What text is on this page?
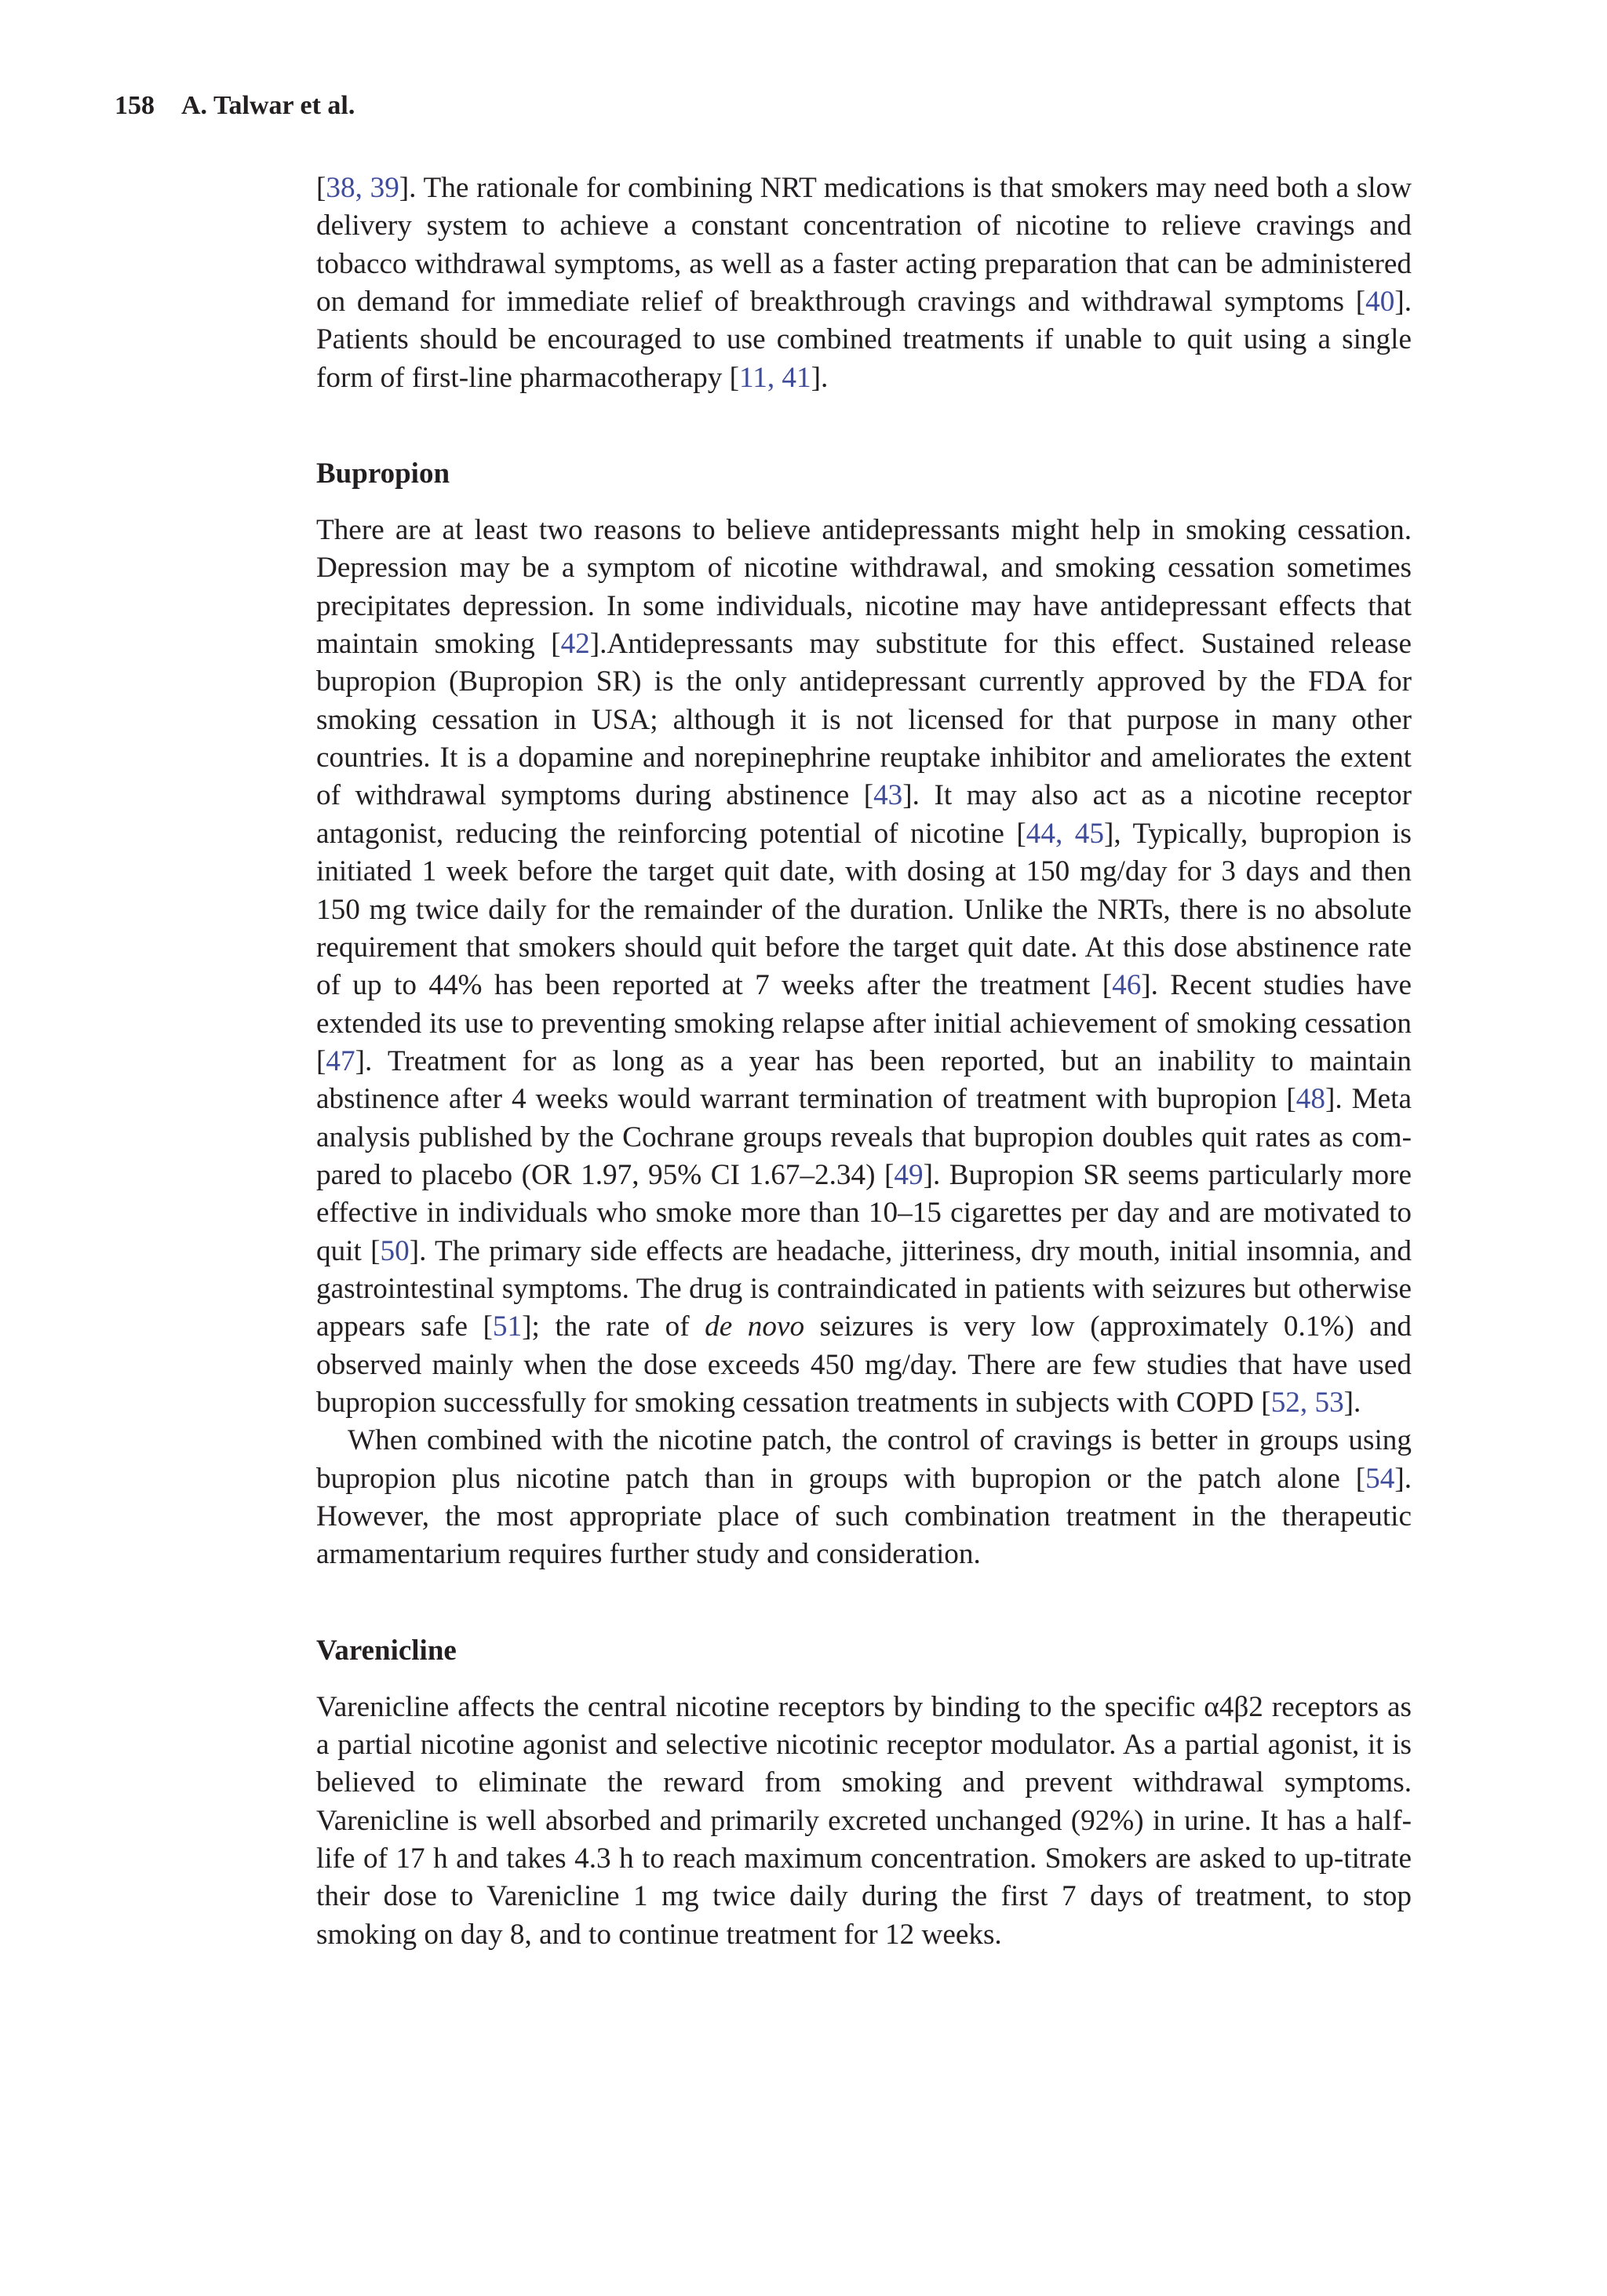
158 A. Talwar et al.

[38, 39]. The rationale for combining NRT medications is that smokers may need both a slow delivery system to achieve a constant concentration of nicotine to relieve cravings and tobacco withdrawal symptoms, as well as a faster acting preparation that can be administered on demand for immediate relief of breakthrough cravings and withdrawal symptoms [40]. Patients should be encouraged to use combined treatments if unable to quit using a single form of first-line pharmacotherapy [11, 41].

Bupropion

There are at least two reasons to believe antidepressants might help in smoking cessation. Depression may be a symptom of nicotine withdrawal, and smoking cessation sometimes precipitates depression. In some individuals, nicotine may have antidepressant effects that maintain smoking [42].Antidepressants may substitute for this effect. Sustained release bupropion (Bupropion SR) is the only antidepressant currently approved by the FDA for smoking cessation in USA; although it is not licensed for that purpose in many other countries. It is a dopamine and norepinephrine reuptake inhibitor and ameliorates the extent of withdrawal symptoms during abstinence [43]. It may also act as a nicotine receptor antagonist, reducing the reinforcing potential of nicotine [44, 45], Typically, bupropion is initiated 1 week before the target quit date, with dosing at 150 mg/day for 3 days and then 150 mg twice daily for the remainder of the duration. Unlike the NRTs, there is no absolute requirement that smokers should quit before the target quit date. At this dose abstinence rate of up to 44% has been reported at 7 weeks after the treatment [46]. Recent studies have extended its use to preventing smoking relapse after initial achievement of smoking cessation [47]. Treatment for as long as a year has been reported, but an inability to maintain abstinence after 4 weeks would warrant termination of treatment with bupropion [48]. Meta analysis published by the Cochrane groups reveals that bupropion doubles quit rates as compared to placebo (OR 1.97, 95% CI 1.67–2.34) [49]. Bupropion SR seems particularly more effective in individuals who smoke more than 10–15 cigarettes per day and are motivated to quit [50]. The primary side effects are headache, jitteriness, dry mouth, initial insomnia, and gastrointestinal symptoms. The drug is contraindicated in patients with seizures but otherwise appears safe [51]; the rate of de novo seizures is very low (approximately 0.1%) and observed mainly when the dose exceeds 450 mg/day. There are few studies that have used bupropion successfully for smoking cessation treatments in subjects with COPD [52, 53].

When combined with the nicotine patch, the control of cravings is better in groups using bupropion plus nicotine patch than in groups with bupropion or the patch alone [54]. However, the most appropriate place of such combination treatment in the therapeutic armamentarium requires further study and consideration.

Varenicline

Varenicline affects the central nicotine receptors by binding to the specific α4β2 receptors as a partial nicotine agonist and selective nicotinic receptor modulator. As a partial agonist, it is believed to eliminate the reward from smoking and prevent withdrawal symptoms. Varenicline is well absorbed and primarily excreted unchanged (92%) in urine. It has a half-life of 17 h and takes 4.3 h to reach maximum concentration. Smokers are asked to up-titrate their dose to Varenicline 1 mg twice daily during the first 7 days of treatment, to stop smoking on day 8, and to continue treatment for 12 weeks.
